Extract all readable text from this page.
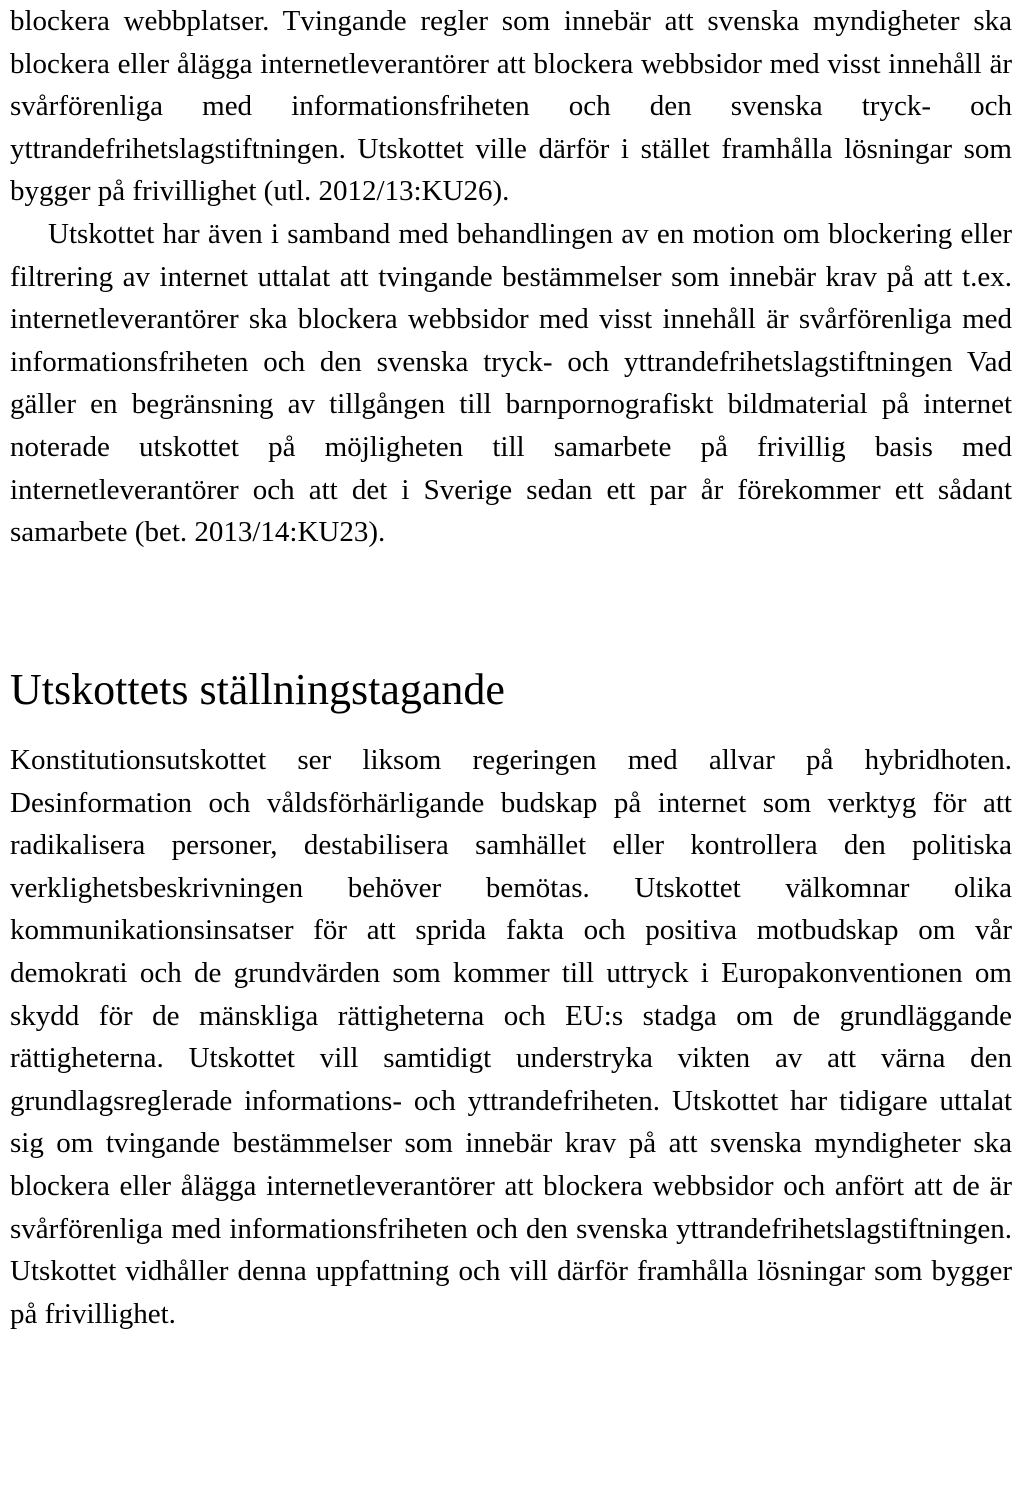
blockera webbplatser. Tvingande regler som innebär att svenska myndigheter ska blockera eller ålägga internetleverantörer att blockera webbsidor med visst innehåll är svårförenliga med informationsfriheten och den svenska tryck- och yttrandefrihetslagstiftningen. Utskottet ville därför i stället framhålla lösningar som bygger på frivillighet (utl. 2012/13:KU26).

Utskottet har även i samband med behandlingen av en motion om blockering eller filtrering av internet uttalat att tvingande bestämmelser som innebär krav på att t.ex. internetleverantörer ska blockera webbsidor med visst innehåll är svårförenliga med informationsfriheten och den svenska tryck- och yttrandefrihetslagstiftningen Vad gäller en begränsning av tillgången till barnpornografiskt bildmaterial på internet noterade utskottet på möjligheten till samarbete på frivillig basis med internetleverantörer och att det i Sverige sedan ett par år förekommer ett sådant samarbete (bet. 2013/14:KU23).

Utskottets ställningstagande

Konstitutionsutskottet ser liksom regeringen med allvar på hybridhoten. Desinformation och våldsförhärligande budskap på internet som verktyg för att radikalisera personer, destabilisera samhället eller kontrollera den politiska verklighetsbeskrivningen behöver bemötas. Utskottet välkomnar olika kommunikationsinsatser för att sprida fakta och positiva motbudskap om vår demokrati och de grundvärden som kommer till uttryck i Europakonventionen om skydd för de mänskliga rättigheterna och EU:s stadga om de grundläggande rättigheterna. Utskottet vill samtidigt understryka vikten av att värna den grundlagsreglerade informations- och yttrandefriheten. Utskottet har tidigare uttalat sig om tvingande bestämmelser som innebär krav på att svenska myndigheter ska blockera eller ålägga internetleverantörer att blockera webbsidor och anfört att de är svårförenliga med informationsfriheten och den svenska yttrandefrihetslagstiftningen. Utskottet vidhåller denna uppfattning och vill därför framhålla lösningar som bygger på frivillighet.
